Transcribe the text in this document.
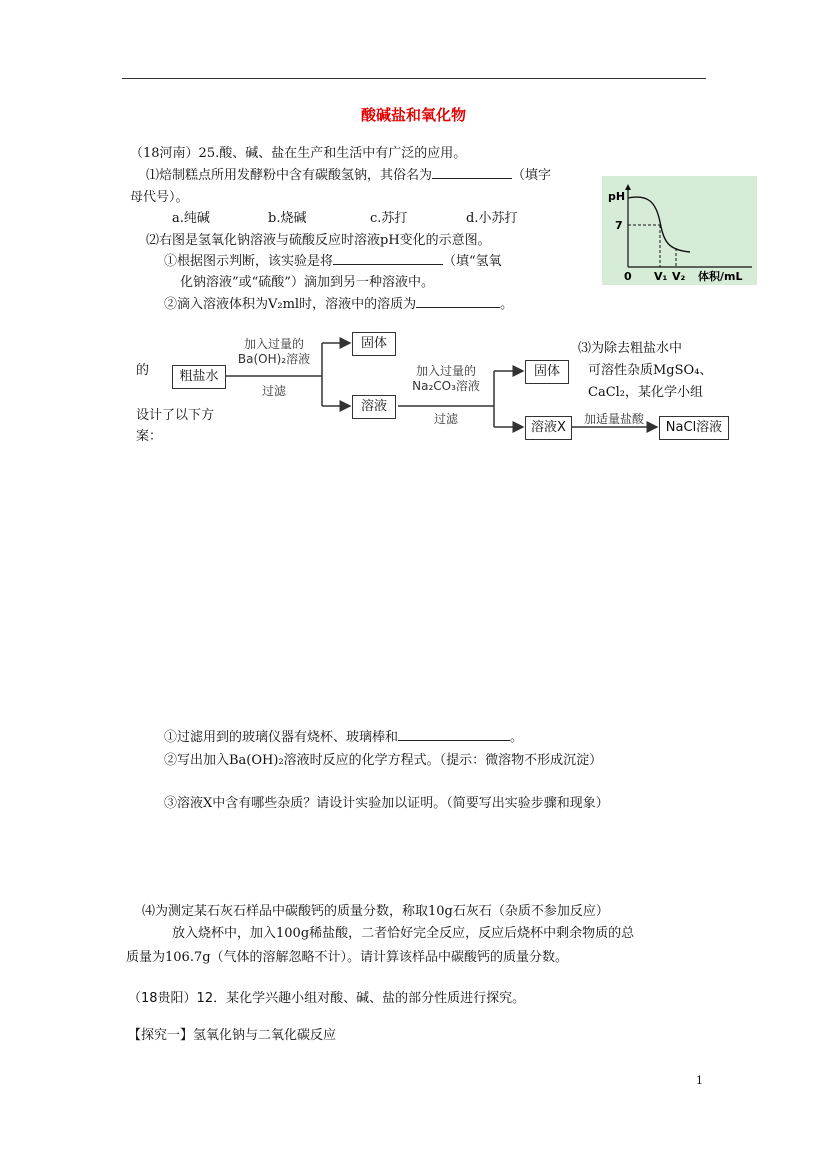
酸碱盐和氧化物
（18河南）25.酸、碱、盐在生产和生活中有广泛的应用。
⑴焙制糕点所用发酵粉中含有碳酸氢钠，其俗名为	（填字
母代号）。
a.纯碱	b.烧碱	c.苏打	d.小苏打
⑵右图是氢氧化钠溶液与硫酸反应时溶液pH变化的示意图。
①根据图示判断，该实验是将	（填“氢氧
化钠溶液”或“硫酸”）滴加到另一种溶液中。
②滴入溶液体积为V₂ml时，溶液中的溶质为	。
pH
7
0 V₁ V₂ 体积/mL
⑶为除去粗盐水中
可溶性杂质MgSO₄、
CaCl₂，某化学小组
的
设计了以下方
案：
粗盐水
加入过量的
Ba(OH)₂溶液
过滤
固体
溶液
加入过量的
Na₂CO₃溶液
过滤
固体
溶液X
加适量盐酸
NaCl溶液
①过滤用到的玻璃仪器有烧杯、玻璃棒和	。
②写出加入Ba(OH)₂溶液时反应的化学方程式。（提示：微溶物不形成沉淀）
③溶液X中含有哪些杂质？请设计实验加以证明。（简要写出实验步骤和现象）
⑷为测定某石灰石样品中碳酸钙的质量分数，称取10g石灰石（杂质不参加反应）
放入烧杯中，加入100g稀盐酸，二者恰好完全反应，反应后烧杯中剩余物质的总
质量为106.7g（气体的溶解忽略不计）。请计算该样品中碳酸钙的质量分数。
（18贵阳）12．某化学兴趣小组对酸、碱、盐的部分性质进行探究。
【探究一】氢氧化钠与二氧化碳反应
1
